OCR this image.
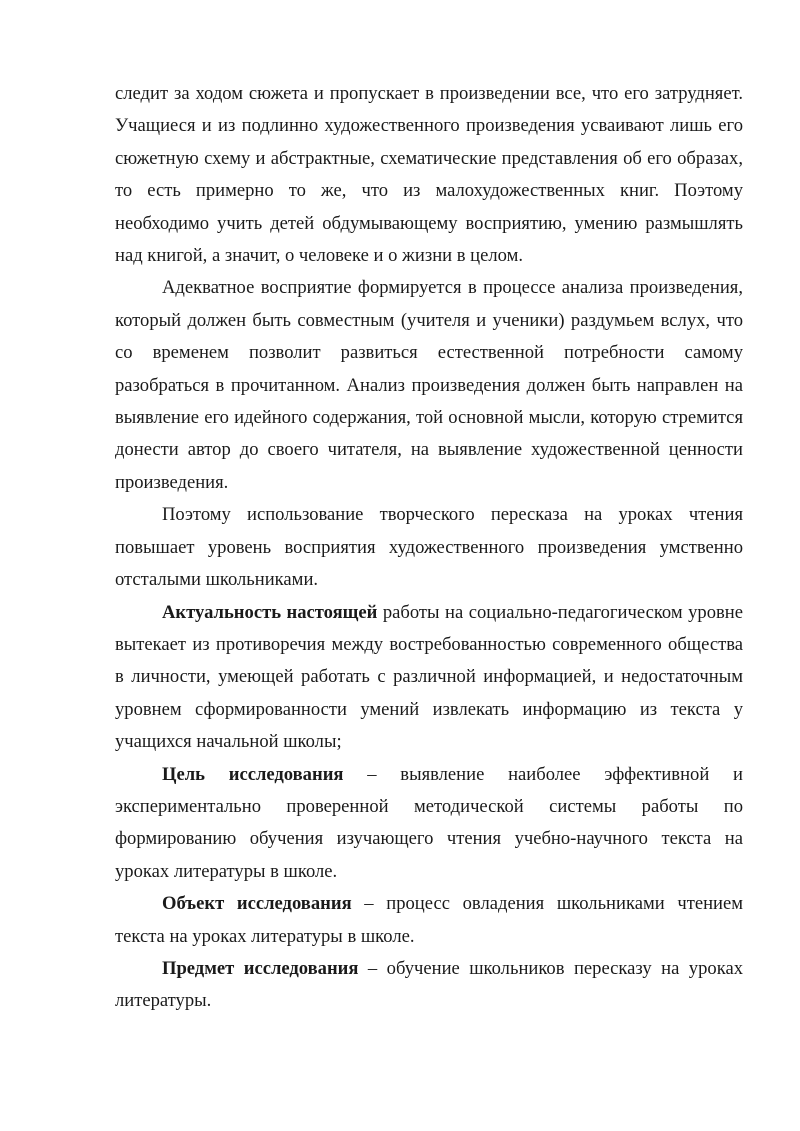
следит за ходом сюжета и пропускает в произведении все, что его затрудняет. Учащиеся и из подлинно художественного произведения усваивают лишь его сюжетную схему и абстрактные, схематические представления об его образах, то есть примерно то же, что из малохудожественных книг. Поэтому необходимо учить детей обдумывающему восприятию, умению размышлять над книгой, а значит, о человеке и о жизни в целом.

Адекватное восприятие формируется в процессе анализа произведения, который должен быть совместным (учителя и ученики) раздумьем вслух, что со временем позволит развиться естественной потребности самому разобраться в прочитанном. Анализ произведения должен быть направлен на выявление его идейного содержания, той основной мысли, которую стремится донести автор до своего читателя, на выявление художественной ценности произведения.

Поэтому использование творческого пересказа на уроках чтения повышает уровень восприятия художественного произведения умственно отсталыми школьниками.

Актуальность настоящей работы на социально-педагогическом уровне вытекает из противоречия между востребованностью современного общества в личности, умеющей работать с различной информацией, и недостаточным уровнем сформированности умений извлекать информацию из текста у учащихся начальной школы;

Цель исследования – выявление наиболее эффективной и экспериментально проверенной методической системы работы по формированию обучения изучающего чтения учебно-научного текста на уроках литературы в школе.

Объект исследования – процесс овладения школьниками чтением текста на уроках литературы в школе.

Предмет исследования – обучение школьников пересказу на уроках литературы.
